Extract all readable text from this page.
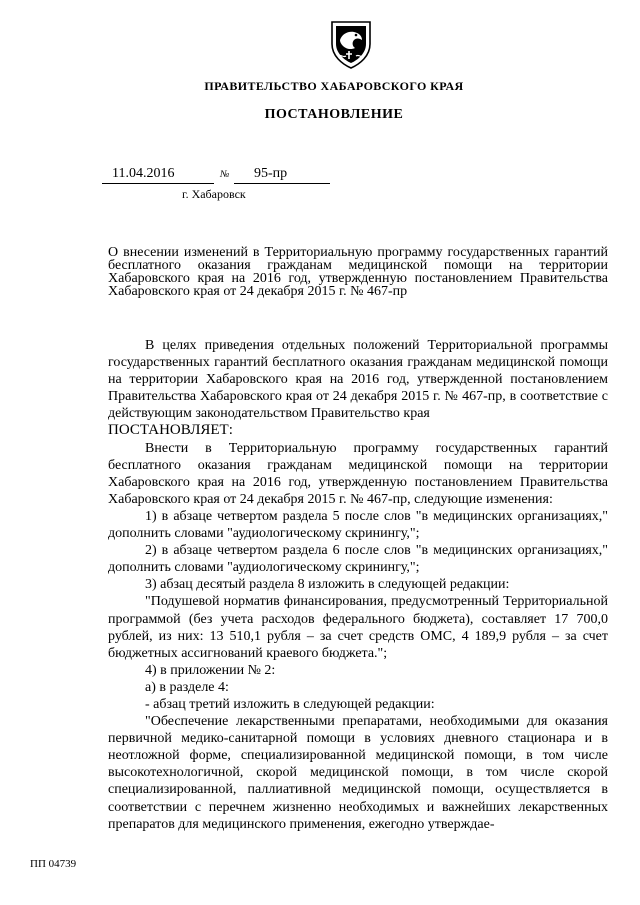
ПРАВИТЕЛЬСТВО ХАБАРОВСКОГО КРАЯ
ПОСТАНОВЛЕНИЕ
11.04.2016	№ 95-пр
г. Хабаровск
О внесении изменений в Территориальную программу государственных гарантий бесплатного оказания гражданам медицинской помощи на территории Хабаровского края на 2016 год, утвержденную постановлением Правительства Хабаровского края от 24 декабря 2015 г. № 467-пр

В целях приведения отдельных положений Территориальной программы государственных гарантий бесплатного оказания гражданам медицинской помощи на территории Хабаровского края на 2016 год, утвержденной постановлением Правительства Хабаровского края от 24 декабря 2015 г. № 467-пр, в соответствие с действующим законодательством Правительство края

ПОСТАНОВЛЯЕТ:

Внести в Территориальную программу государственных гарантий бесплатного оказания гражданам медицинской помощи на территории Хабаровского края на 2016 год, утвержденную постановлением Правительства Хабаровского края от 24 декабря 2015 г. № 467-пр, следующие изменения:

1) в абзаце четвертом раздела 5 после слов "в медицинских организациях," дополнить словами "аудиологическому скринингу,";

2) в абзаце четвертом раздела 6 после слов "в медицинских организациях," дополнить словами "аудиологическому скринингу,";

3) абзац десятый раздела 8 изложить в следующей редакции:

"Подушевой норматив финансирования, предусмотренный Территориальной программой (без учета расходов федерального бюджета), составляет 17 700,0 рублей, из них: 13 510,1 рубля – за счет средств ОМС, 4 189,9 рубля – за счет бюджетных ассигнований краевого бюджета.";

4) в приложении № 2:

а) в разделе 4:

- абзац третий изложить в следующей редакции:

"Обеспечение лекарственными препаратами, необходимыми для оказания первичной медико-санитарной помощи в условиях дневного стационара и в неотложной форме, специализированной медицинской помощи, в том числе высокотехнологичной, скорой медицинской помощи, в том числе скорой специализированной, паллиативной медицинской помощи, осуществляется в соответствии с перечнем жизненно необходимых и важнейших лекарственных препаратов для медицинского применения, ежегодно утверждае-

ПП 04739
